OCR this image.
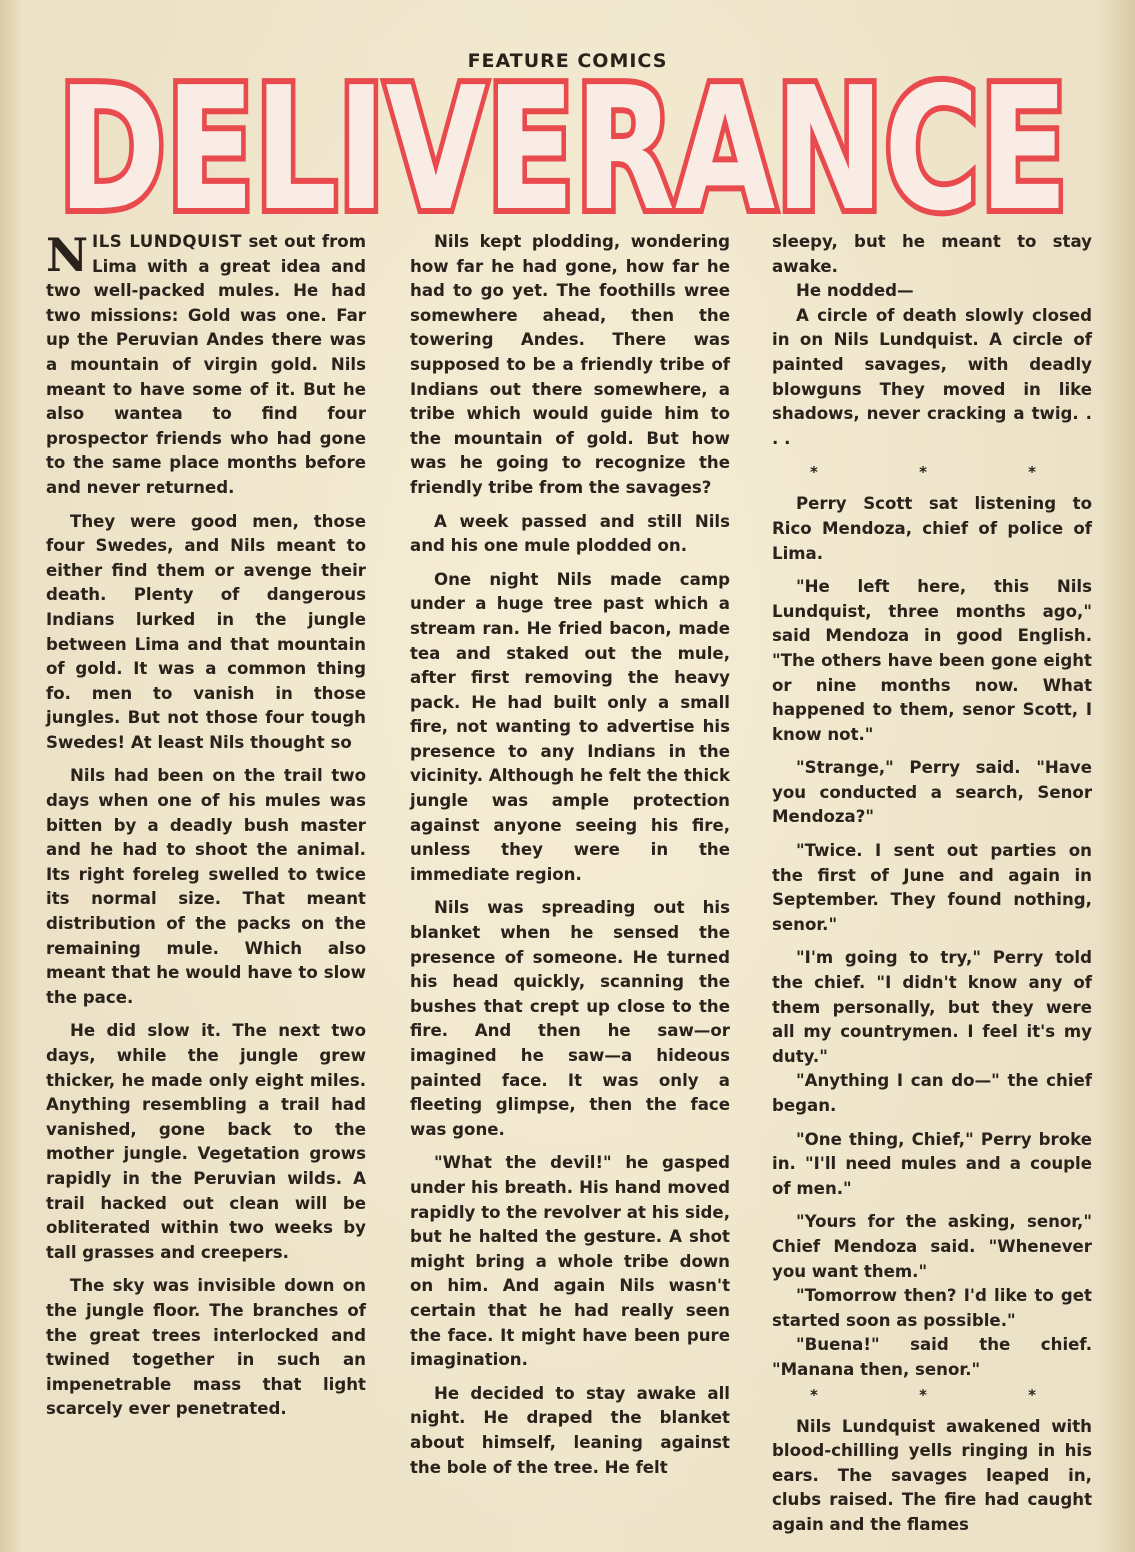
FEATURE COMICS
DELIVERANCE
DELIVERANCE

NILS LUNDQUIST set out from Lima with a great idea and two well-packed mules. He had two missions: Gold was one. Far up the Peruvian Andes there was a mountain of virgin gold. Nils meant to have some of it. But he also wantea to find four prospector friends who had gone to the same place months before and never returned.

They were good men, those four Swedes, and Nils meant to either find them or avenge their death. Plenty of dangerous Indians lurked in the jungle between Lima and that mountain of gold. It was a common thing fo. men to vanish in those jungles. But not those four tough Swedes! At least Nils thought so

Nils had been on the trail two days when one of his mules was bitten by a deadly bush master and he had to shoot the animal. Its right foreleg swelled to twice its normal size. That meant distribution of the packs on the remaining mule. Which also meant that he would have to slow the pace.

He did slow it. The next two days, while the jungle grew thicker, he made only eight miles. Anything resembling a trail had vanished, gone back to the mother jungle. Vegetation grows rapidly in the Peruvian wilds. A trail hacked out clean will be obliterated within two weeks by tall grasses and creepers.

The sky was invisible down on the jungle floor. The branches of the great trees interlocked and twined together in such an impenetrable mass that light scarcely ever penetrated.

Nils kept plodding, wondering how far he had gone, how far he had to go yet. The foothills wree somewhere ahead, then the towering Andes. There was supposed to be a friendly tribe of Indians out there somewhere, a tribe which would guide him to the mountain of gold. But how was he going to recognize the friendly tribe from the savages?

A week passed and still Nils and his one mule plodded on.

One night Nils made camp under a huge tree past which a stream ran. He fried bacon, made tea and staked out the mule, after first removing the heavy pack. He had built only a small fire, not wanting to advertise his presence to any Indians in the vicinity. Although he felt the thick jungle was ample protection against anyone seeing his fire, unless they were in the immediate region.

Nils was spreading out his blanket when he sensed the presence of someone. He turned his head quickly, scanning the bushes that crept up close to the fire. And then he saw—or imagined he saw—a hideous painted face. It was only a fleeting glimpse, then the face was gone.

"What the devil!" he gasped under his breath. His hand moved rapidly to the revolver at his side, but he halted the gesture. A shot might bring a whole tribe down on him. And again Nils wasn't certain that he had really seen the face. It might have been pure imagination.

He decided to stay awake all night. He draped the blanket about himself, leaning against the bole of the tree. He felt

sleepy, but he meant to stay awake.

He nodded—

A circle of death slowly closed in on Nils Lundquist. A circle of painted savages, with deadly blowguns They moved in like shadows, never cracking a twig. . . .

* * *

Perry Scott sat listening to Rico Mendoza, chief of police of Lima.

"He left here, this Nils Lundquist, three months ago," said Mendoza in good English. "The others have been gone eight or nine months now. What happened to them, senor Scott, I know not."

"Strange," Perry said. "Have you conducted a search, Senor Mendoza?"

"Twice. I sent out parties on the first of June and again in September. They found nothing, senor."

"I'm going to try," Perry told the chief. "I didn't know any of them personally, but they were all my countrymen. I feel it's my duty."

"Anything I can do—" the chief began.

"One thing, Chief," Perry broke in. "I'll need mules and a couple of men."

"Yours for the asking, senor," Chief Mendoza said. "Whenever you want them."

"Tomorrow then? I'd like to get started soon as possible."

"Buena!" said the chief. "Manana then, senor."

* * *

Nils Lundquist awakened with blood-chilling yells ringing in his ears. The savages leaped in, clubs raised. The fire had caught again and the flames
